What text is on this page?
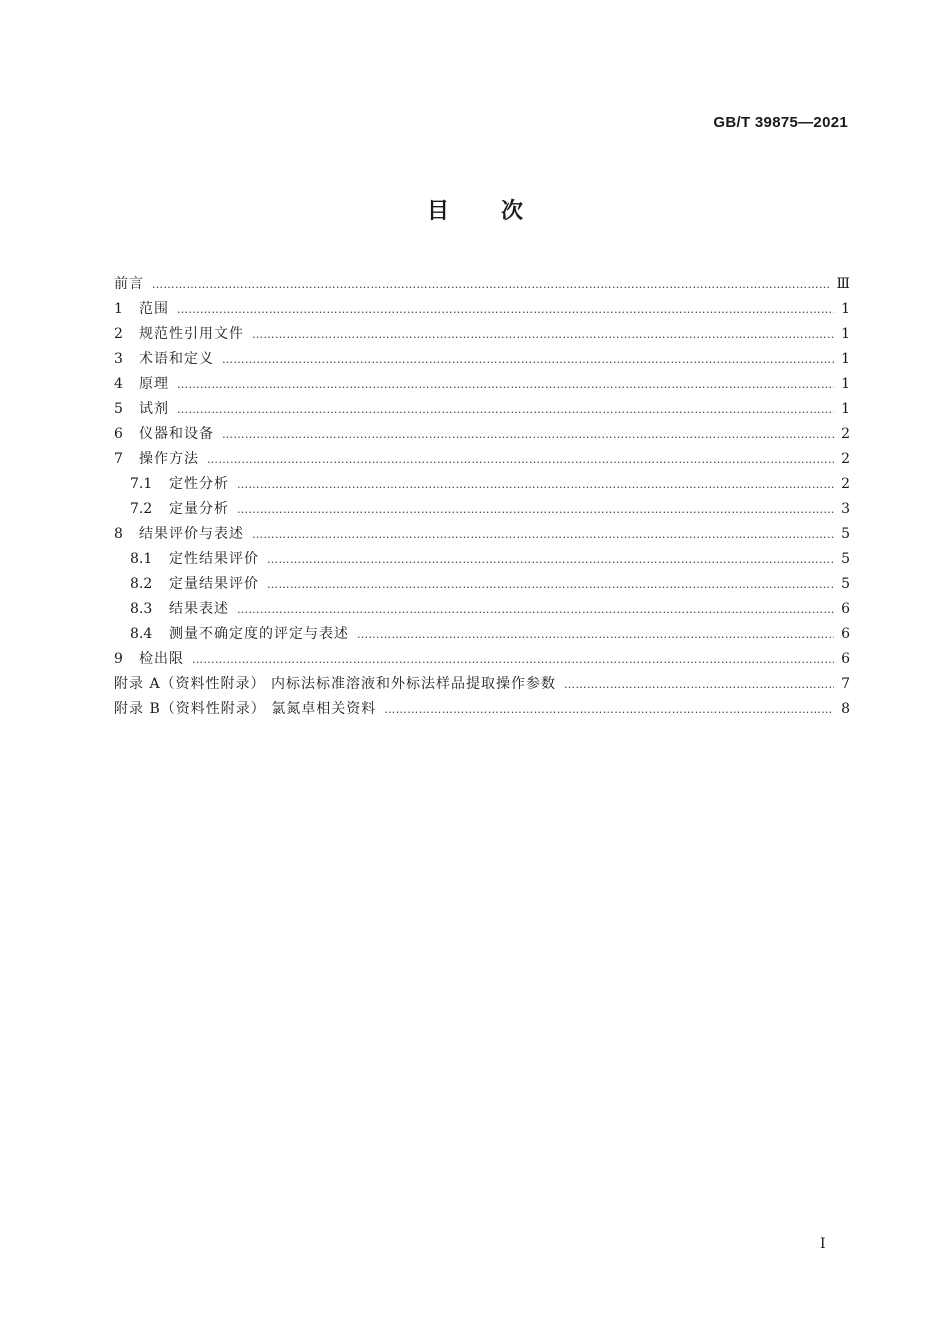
GB/T 39875—2021
目次
前言 ………………………………………………………………………………………………………………………………………………………………………………………………………………………………………………………………………………	Ⅲ
1	范围 ………………………………………………………………………………………………………………………………………………………………………………………………………………………………………………………………………………	1
2	规范性引用文件 ………………………………………………………………………………………………………………………………………………………………………………………………………………………………………………………………………………	1
3	术语和定义 ………………………………………………………………………………………………………………………………………………………………………………………………………………………………………………………………………………	1
4	原理 ………………………………………………………………………………………………………………………………………………………………………………………………………………………………………………………………………………	1
5	试剂 ………………………………………………………………………………………………………………………………………………………………………………………………………………………………………………………………………………	1
6	仪器和设备 ………………………………………………………………………………………………………………………………………………………………………………………………………………………………………………………………………………	2
7	操作方法 ………………………………………………………………………………………………………………………………………………………………………………………………………………………………………………………………………………	2
7.1	定性分析 ………………………………………………………………………………………………………………………………………………………………………………………………………………………………………………………………………………	2
7.2	定量分析 ………………………………………………………………………………………………………………………………………………………………………………………………………………………………………………………………………………	3
8	结果评价与表述 ………………………………………………………………………………………………………………………………………………………………………………………………………………………………………………………………………………	5
8.1	定性结果评价 ………………………………………………………………………………………………………………………………………………………………………………………………………………………………………………………………………………	5
8.2	定量结果评价 ………………………………………………………………………………………………………………………………………………………………………………………………………………………………………………………………………………	5
8.3	结果表述 ………………………………………………………………………………………………………………………………………………………………………………………………………………………………………………………………………………	6
8.4	测量不确定度的评定与表述 ………………………………………………………………………………………………………………………………………………………………………………………………………………………………………………………………………………	6
9	检出限 ………………………………………………………………………………………………………………………………………………………………………………………………………………………………………………………………………………	6
附录 A（资料性附录） 内标法标准溶液和外标法样品提取操作参数 ………………………………………………………………………………………………………………………………………………………………………………………………………………………………………………………………………………	7
附录 B（资料性附录） 氯氮卓相关资料 ………………………………………………………………………………………………………………………………………………………………………………………………………………………………………………………………………………	8
I
